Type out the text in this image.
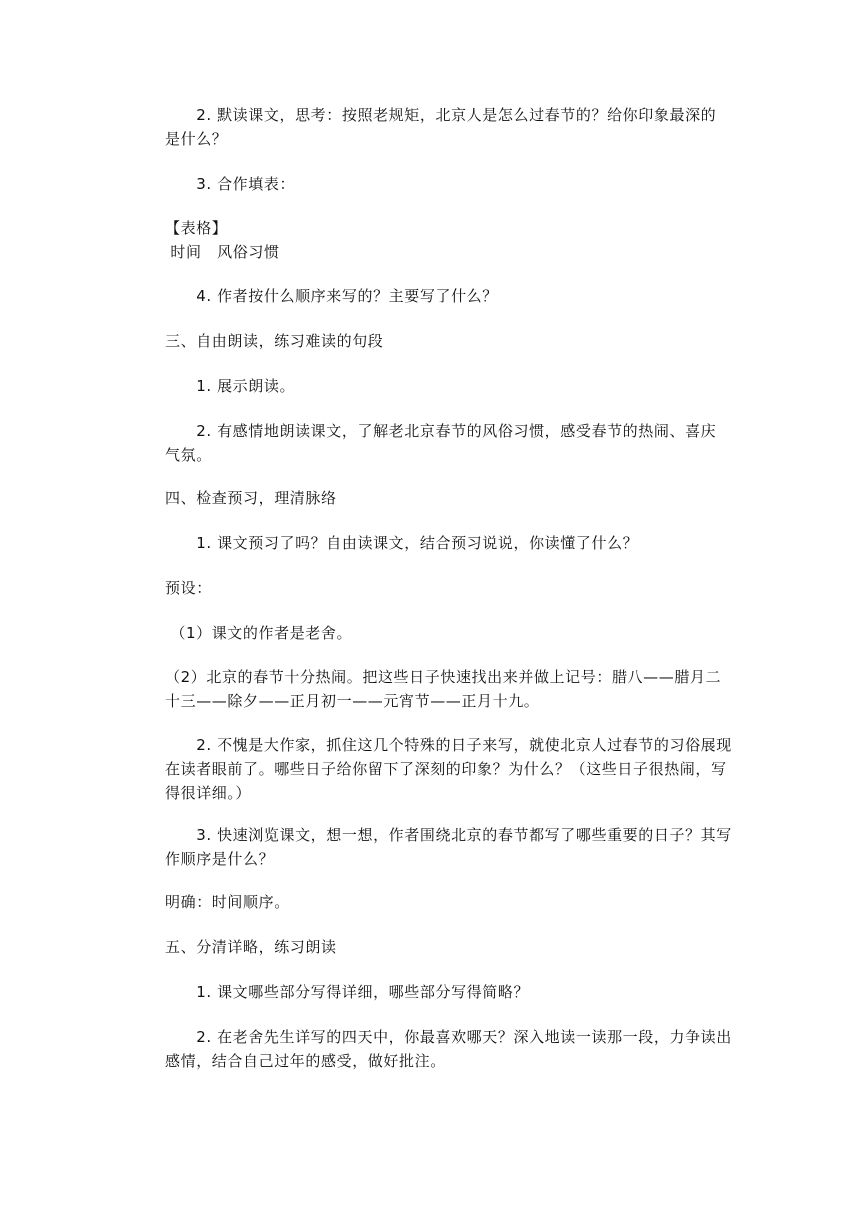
　　2. 默读课文，思考：按照老规矩，北京人是怎么过春节的？给你印象最深的是什么？
　　3. 合作填表：
【表格】
时间　风俗习惯
　　4. 作者按什么顺序来写的？主要写了什么？
三、自由朗读，练习难读的句段
　　1. 展示朗读。
　　2. 有感情地朗读课文，了解老北京春节的风俗习惯，感受春节的热闹、喜庆气氛。
四、检查预习，理清脉络
　　1. 课文预习了吗？自由读课文，结合预习说说，你读懂了什么？
预设：
（1）课文的作者是老舍。
（2）北京的春节十分热闹。把这些日子快速找出来并做上记号：腊八——腊月二十三——除夕——正月初一——元宵节——正月十九。
　　2. 不愧是大作家，抓住这几个特殊的日子来写，就使北京人过春节的习俗展现在读者眼前了。哪些日子给你留下了深刻的印象？为什么？（这些日子很热闹，写得很详细。）
　　3. 快速浏览课文，想一想，作者围绕北京的春节都写了哪些重要的日子？其写作顺序是什么？
明确：时间顺序。
五、分清详略，练习朗读
　　1. 课文哪些部分写得详细，哪些部分写得简略？
　　2. 在老舍先生详写的四天中，你最喜欢哪天？深入地读一读那一段，力争读出感情，结合自己过年的感受，做好批注。
